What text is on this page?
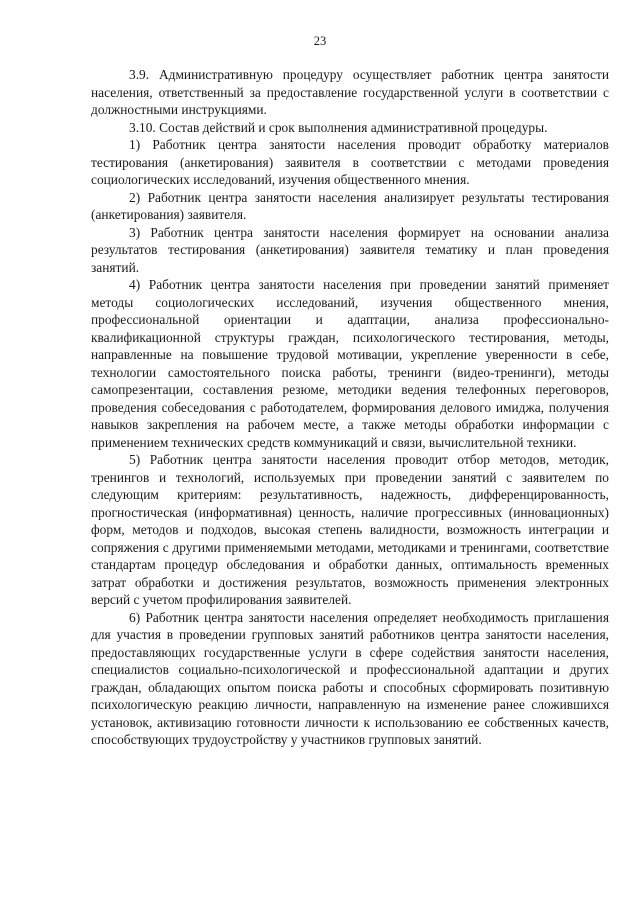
23

3.9. Административную процедуру осуществляет работник центра занятости населения, ответственный за предоставление государственной услуги в соответствии с должностными инструкциями.

3.10. Состав действий и срок выполнения административной процедуры.

1) Работник центра занятости населения проводит обработку материалов тестирования (анкетирования) заявителя в соответствии с методами проведения социологических исследований, изучения общественного мнения.

2) Работник центра занятости населения анализирует результаты тестирования (анкетирования) заявителя.

3) Работник центра занятости населения формирует на основании анализа результатов тестирования (анкетирования) заявителя тематику и план проведения занятий.

4) Работник центра занятости населения при проведении занятий применяет методы социологических исследований, изучения общественного мнения, профессиональной ориентации и адаптации, анализа профессионально-квалификационной структуры граждан, психологического тестирования, методы, направленные на повышение трудовой мотивации, укрепление уверенности в себе, технологии самостоятельного поиска работы, тренинги (видео-тренинги), методы самопрезентации, составления резюме, методики ведения телефонных переговоров, проведения собеседования с работодателем, формирования делового имиджа, получения навыков закрепления на рабочем месте, а также методы обработки информации с применением технических средств коммуникаций и связи, вычислительной техники.

5) Работник центра занятости населения проводит отбор методов, методик, тренингов и технологий, используемых при проведении занятий с заявителем по следующим критериям: результативность, надежность, дифференцированность, прогностическая (информативная) ценность, наличие прогрессивных (инновационных) форм, методов и подходов, высокая степень валидности, возможность интеграции и сопряжения с другими применяемыми методами, методиками и тренингами, соответствие стандартам процедур обследования и обработки данных, оптимальность временных затрат обработки и достижения результатов, возможность применения электронных версий с учетом профилирования заявителей.

6) Работник центра занятости населения определяет необходимость приглашения для участия в проведении групповых занятий работников центра занятости населения, предоставляющих государственные услуги в сфере содействия занятости населения, специалистов социально-психологической и профессиональной адаптации и других граждан, обладающих опытом поиска работы и способных сформировать позитивную психологическую реакцию личности, направленную на изменение ранее сложившихся установок, активизацию готовности личности к использованию ее собственных качеств, способствующих трудоустройству у участников групповых занятий.
